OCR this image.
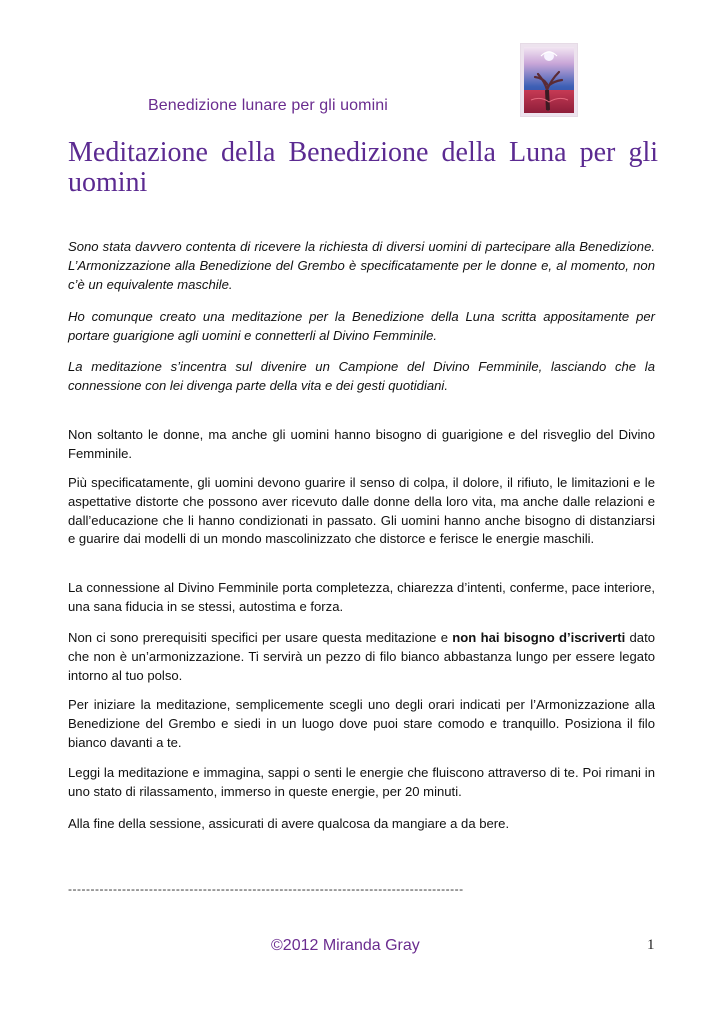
Benedizione lunare per gli uomini
Meditazione della Benedizione della Luna per gli uomini

Sono stata davvero contenta di ricevere la richiesta di diversi uomini di partecipare alla Benedizione. L’Armonizzazione alla Benedizione del Grembo è specificatamente per le donne e, al momento, non c’è un equivalente maschile.

Ho comunque creato una meditazione per la Benedizione della Luna scritta appositamente per portare guarigione agli uomini e connetterli al Divino Femminile.

La meditazione s’incentra sul divenire un Campione del Divino Femminile, lasciando che la connessione con lei divenga parte della vita e dei gesti quotidiani.

Non soltanto le donne, ma anche gli uomini hanno bisogno di guarigione e del risveglio del Divino Femminile.

Più specificatamente, gli uomini devono guarire il senso di colpa, il dolore, il rifiuto, le limitazioni e le aspettative distorte che possono aver ricevuto dalle donne della loro vita, ma anche dalle relazioni e dall’educazione che li hanno condizionati in passato. Gli uomini hanno anche bisogno di distanziarsi e guarire dai modelli di un mondo mascolinizzato che distorce e ferisce le energie maschili.

La connessione al Divino Femminile porta completezza, chiarezza d’intenti, conferme, pace interiore, una sana fiducia in se stessi, autostima e forza.

Non ci sono prerequisiti specifici per usare questa meditazione e non hai bisogno d’iscriverti dato che non è un’armonizzazione. Ti servirà un pezzo di filo bianco abbastanza lungo per essere legato intorno al tuo polso.

Per iniziare la meditazione, semplicemente scegli uno degli orari indicati per l’Armonizzazione alla Benedizione del Grembo e siedi in un luogo dove puoi stare comodo e tranquillo. Posiziona il filo bianco davanti a te.

Leggi la meditazione e immagina, sappi o senti le energie che fluiscono attraverso di te. Poi rimani in uno stato di rilassamento, immerso in queste energie, per 20 minuti.

Alla fine della sessione, assicurati di avere qualcosa da mangiare a da bere.

----------------------------------------------------------------------------------------
©2012 Miranda Gray	1
